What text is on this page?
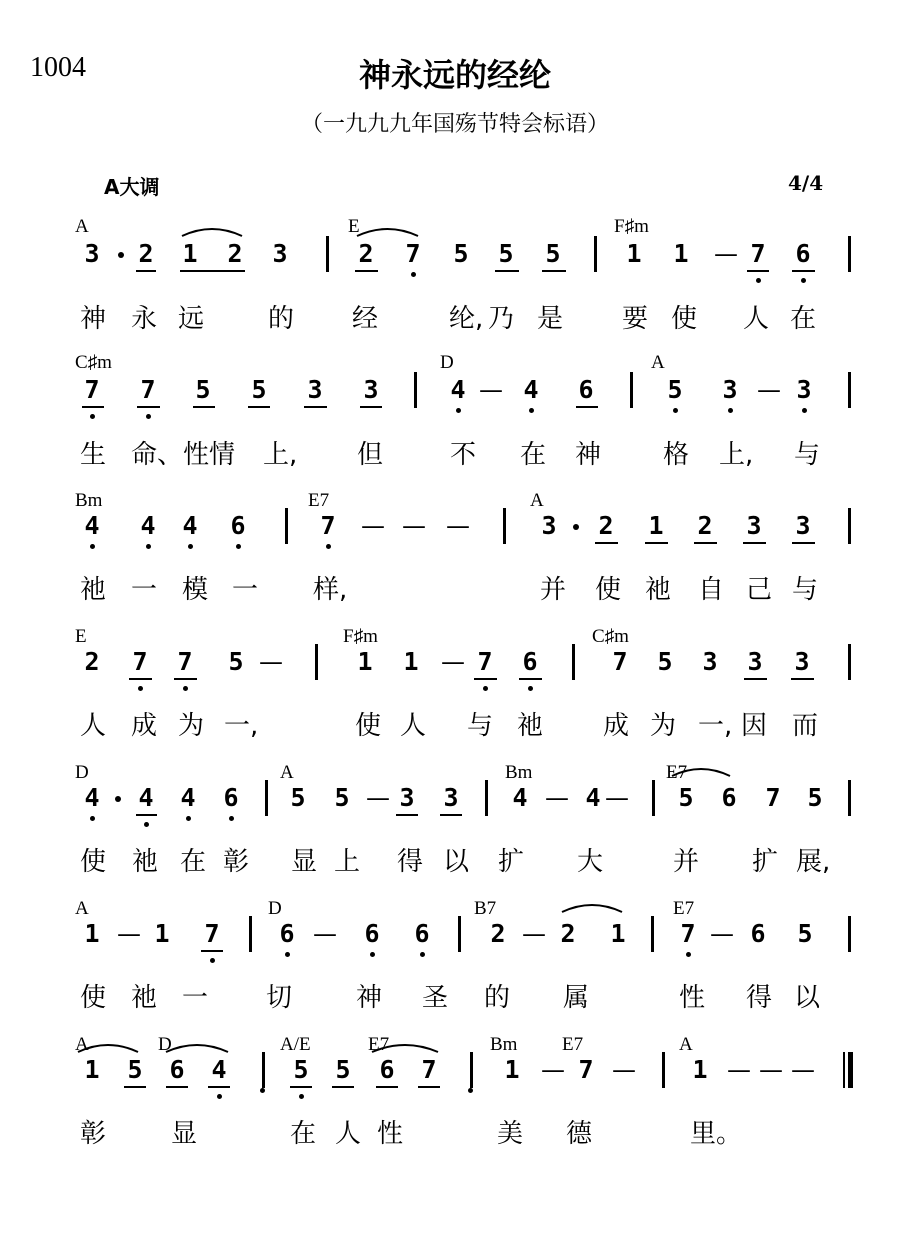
1004	神永远的经纶
（一九九九年国殇节特会标语）
A大调	4/4
A	E	F♯m
3 2 1 2 3	2 7 5 5 5	1 1 — 7 6
神 永 远 的 经	纶, 乃 是 要 使 人 在
C♯m	D	A
7 7 5 5 3 3	4 — 4 6	5 3 — 3
生 命、性 情 上, 但	不 在 神 格 上, 与
Bm	E7	A
4 4 4 6	7 — — —	3 2 1 2 3 3
祂 一 模 一 样,	并 使 祂 自 己 与
E	F♯m	C♯m
2 7 7 5 —	1 1 — 7 6	7 5 3 3 3
人 成 为 一,	使 人 与 祂 成 为 一, 因 而
D	A	Bm	E7
4 4 4 6 5 5 — 3 3 4 — 4 — 5 6 7 5
使 祂 在 彰 显 上 得 以 扩 大	并 扩 展,
A	D	B7	E7
1 — 1 7 6 — 6 6 2 — 2 1 7 — 6 5
使 祂 一 切 神 圣 的 属	性 得 以
A	D	A/E	E7	Bm E7	A
1 5 6 4	5 5 6 7	1 — 7 — 1 — — —
彰 显	在 人 性	美 德	里。
